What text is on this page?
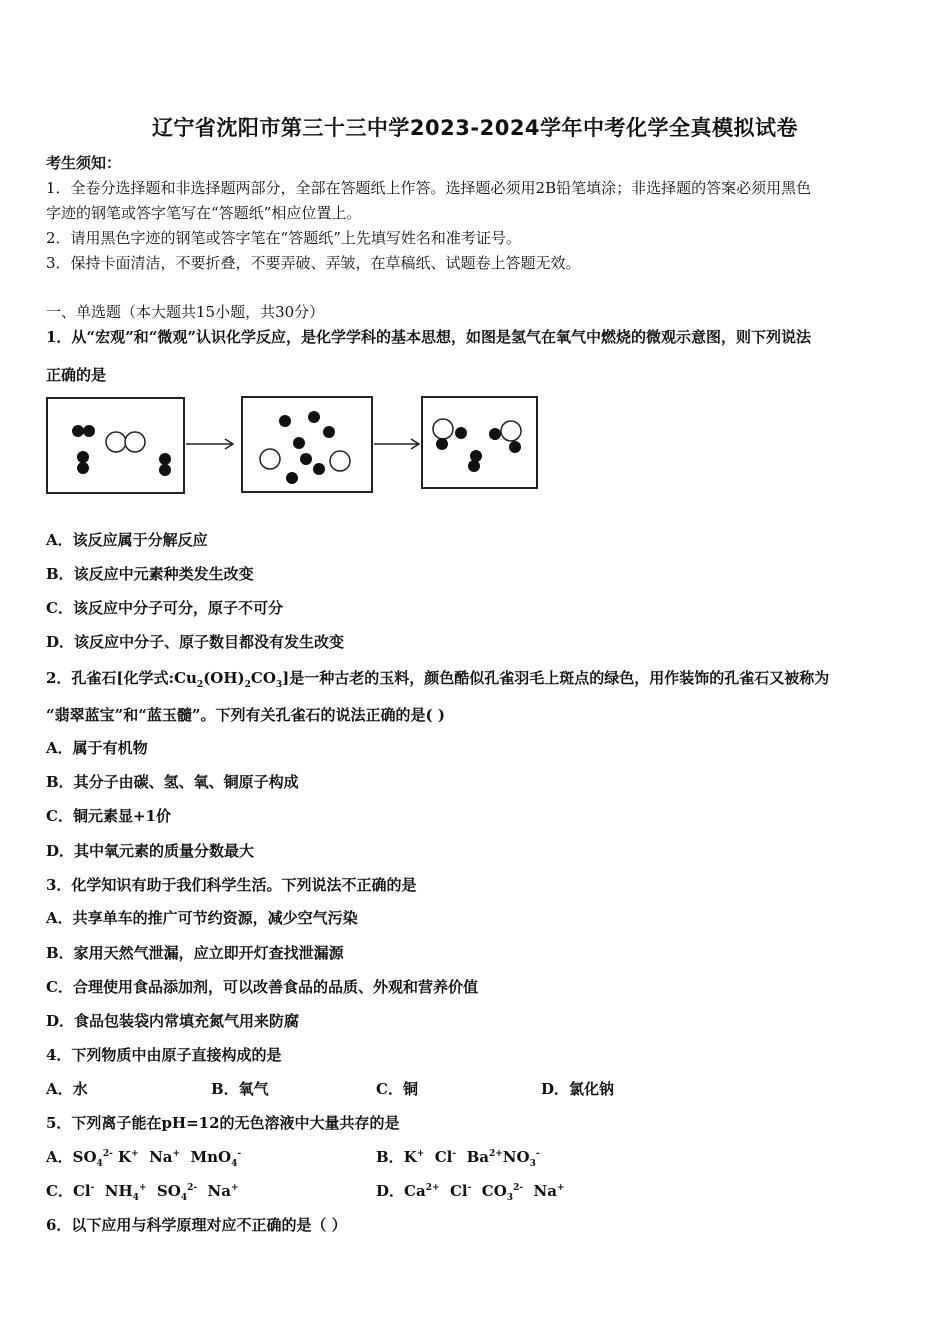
辽宁省沈阳市第三十三中学2023-2024学年中考化学全真模拟试卷
考生须知：
1．全卷分选择题和非选择题两部分，全部在答题纸上作答。选择题必须用2B铅笔填涂；非选择题的答案必须用黑色
字迹的钢笔或答字笔写在“答题纸”相应位置上。
2．请用黑色字迹的钢笔或答字笔在“答题纸”上先填写姓名和准考证号。
3．保持卡面清洁，不要折叠，不要弄破、弄皱，在草稿纸、试题卷上答题无效。
一、单选题（本大题共15小题，共30分）
1．从“宏观”和“微观”认识化学反应，是化学学科的基本思想，如图是氢气在氧气中燃烧的微观示意图，则下列说法
正确的是
A．该反应属于分解反应
B．该反应中元素种类发生改变
C．该反应中分子可分，原子不可分
D．该反应中分子、原子数目都没有发生改变
2．孔雀石[化学式$:Cu_2(OH)_2CO_3$]是一种古老的玉料，颜色酷似孔雀羽毛上斑点的绿色，用作装饰的孔雀石又被称为
“翡翠蓝宝”和“蓝玉髓”。下列有关孔雀石的说法正确的是( )
A．属于有机物
B．其分子由碳、氢、氧、铜原子构成
C．铜元素显+1价
D．其中氧元素的质量分数最大
3．化学知识有助于我们科学生活。下列说法不正确的是
A．共享单车的推广可节约资源，减少空气污染
B．家用天然气泄漏，应立即开灯查找泄漏源
C．合理使用食品添加剂，可以改善食品的品质、外观和营养价值
D．食品包装袋内常填充氮气用来防腐
4．下列物质中由原子直接构成的是
A．水	B．氧气	C．铜	D．氯化钠
5．下列离子能在pH=12的无色溶液中大量共存的是
A．$SO_4^{2-}$ K+  Na+  MnO$_4$-	B．K+  Cl-  $Ba^{2+}NO_3^-$
C．Cl-  $NH_4^+$  $SO_4^{2-}$  Na+	D．$Ca^{2+}$  Cl-  $CO_3^{2-}$  Na+
6．以下应用与科学原理对应不正确的是（ ）
